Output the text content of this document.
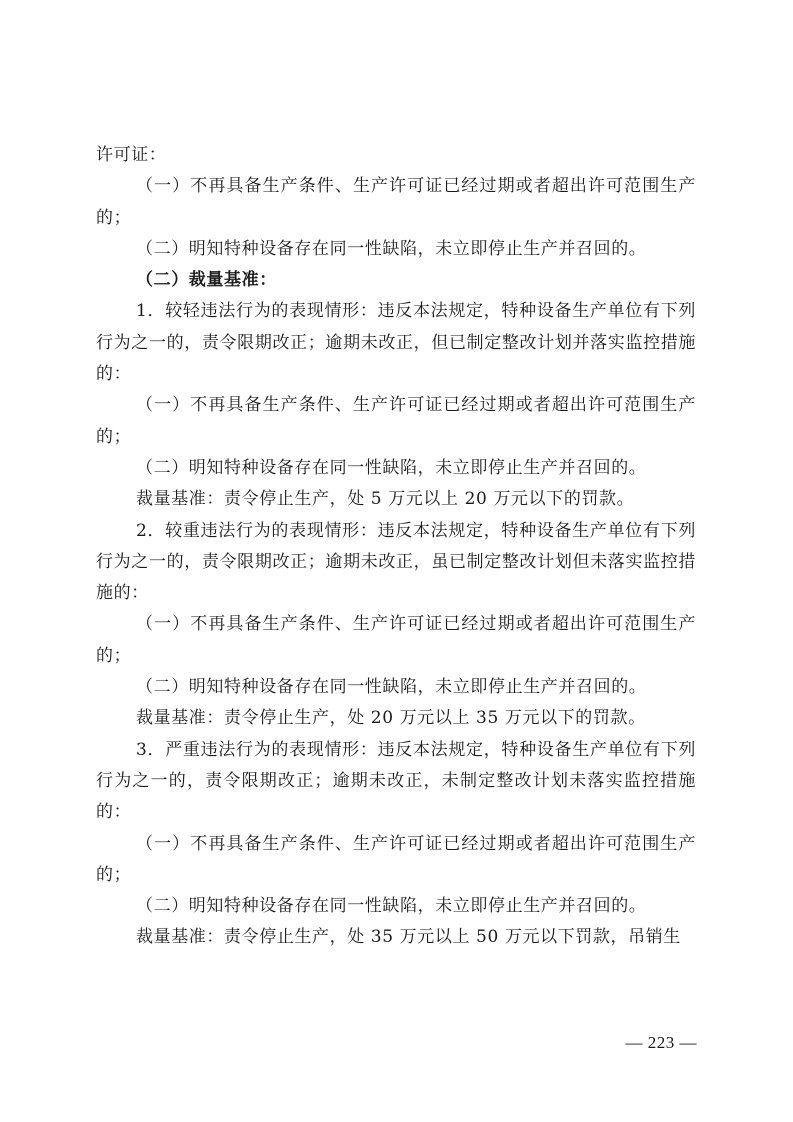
许可证：

（一）不再具备生产条件、生产许可证已经过期或者超出许可范围生产的；

（二）明知特种设备存在同一性缺陷，未立即停止生产并召回的。

（二）裁量基准：

1．较轻违法行为的表现情形：违反本法规定，特种设备生产单位有下列行为之一的，责令限期改正；逾期未改正，但已制定整改计划并落实监控措施的：

（一）不再具备生产条件、生产许可证已经过期或者超出许可范围生产的；

（二）明知特种设备存在同一性缺陷，未立即停止生产并召回的。

裁量基准：责令停止生产，处 5 万元以上 20 万元以下的罚款。

2．较重违法行为的表现情形：违反本法规定，特种设备生产单位有下列行为之一的，责令限期改正；逾期未改正，虽已制定整改计划但未落实监控措施的：

（一）不再具备生产条件、生产许可证已经过期或者超出许可范围生产的；

（二）明知特种设备存在同一性缺陷，未立即停止生产并召回的。

裁量基准：责令停止生产，处 20 万元以上 35 万元以下的罚款。

3．严重违法行为的表现情形：违反本法规定，特种设备生产单位有下列行为之一的，责令限期改正；逾期未改正，未制定整改计划未落实监控措施的：

（一）不再具备生产条件、生产许可证已经过期或者超出许可范围生产的；

（二）明知特种设备存在同一性缺陷，未立即停止生产并召回的。

裁量基准：责令停止生产，处 35 万元以上 50 万元以下罚款，吊销生

— 223 —
